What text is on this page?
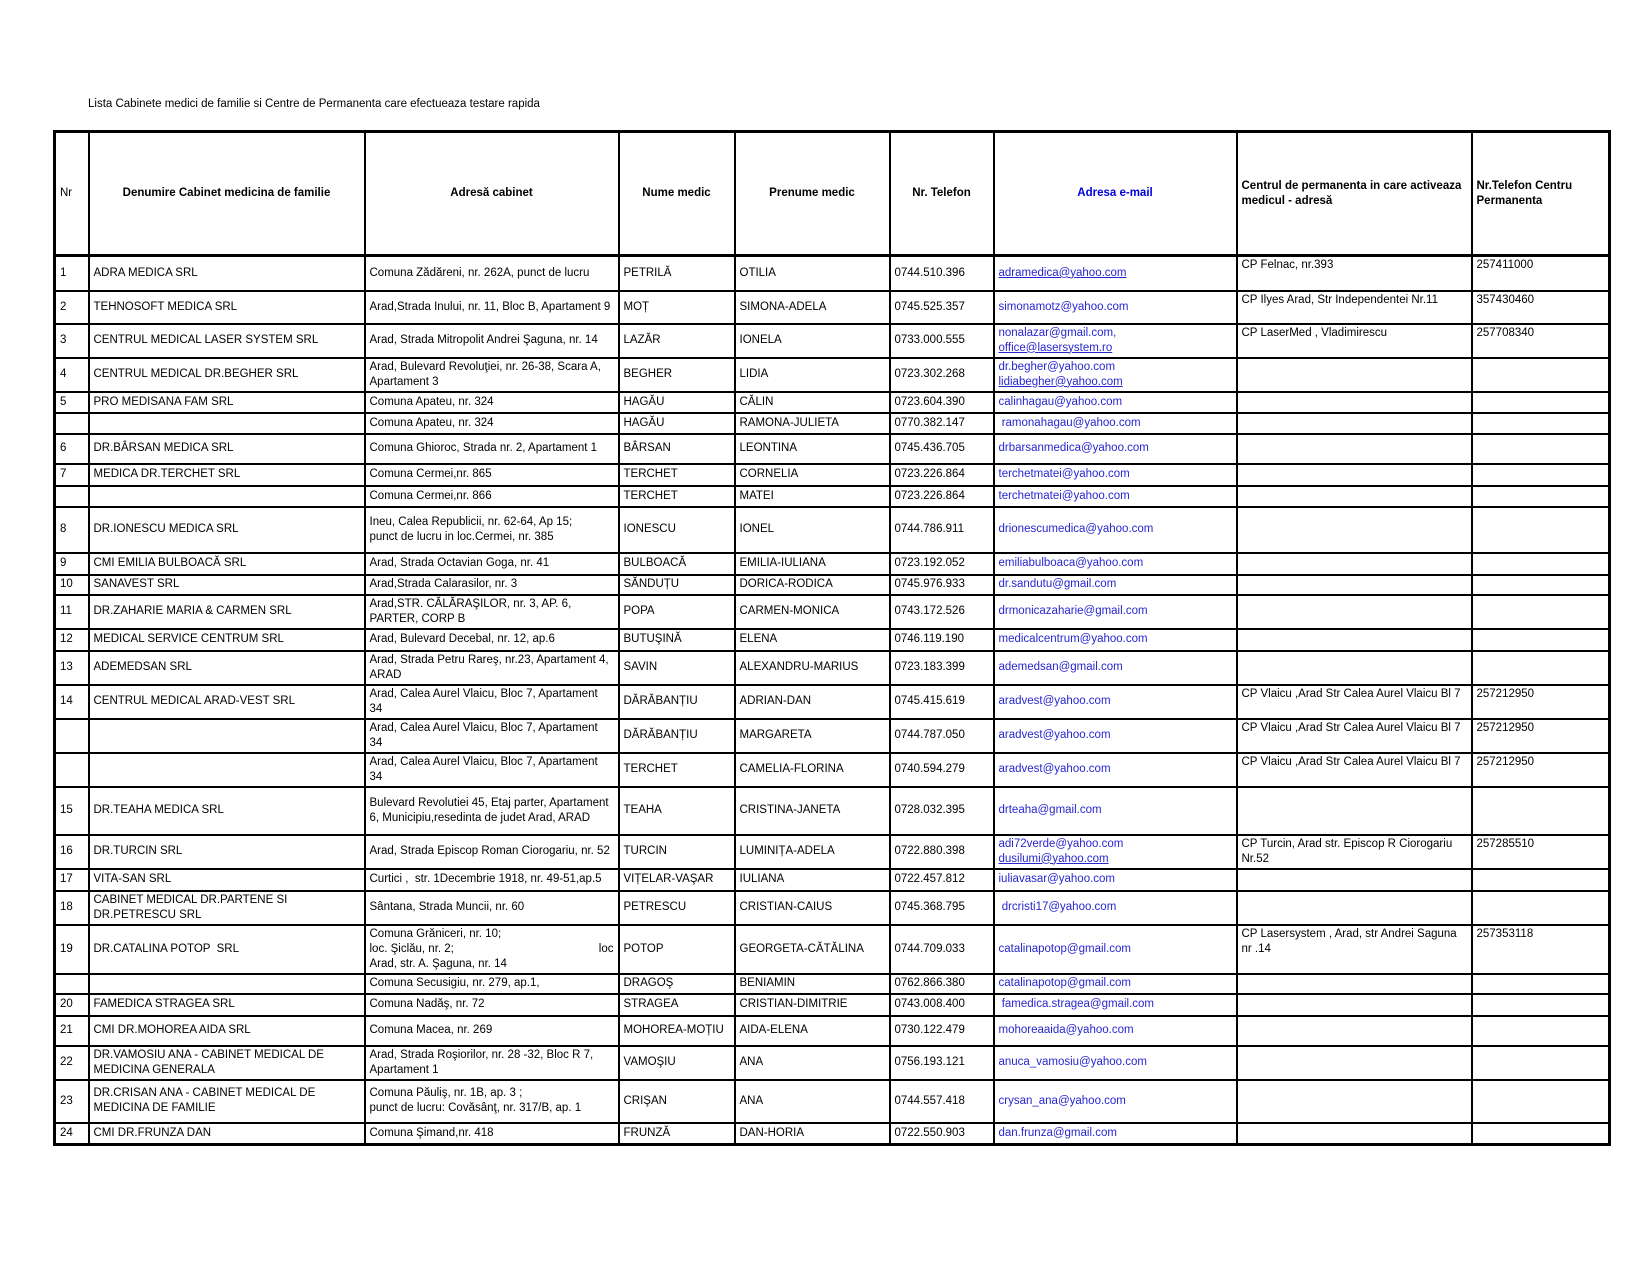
Lista Cabinete medici de familie si Centre de Permanenta care efectueaza testare rapida
Nr	Denumire Cabinet medicina de familie	Adresă cabinet	Nume medic	Prenume medic	Nr. Telefon	Adresa e-mail	Centrul de permanenta in care activeaza medicul - adresă	Nr.Telefon Centru Permanenta
1	ADRA MEDICA SRL	Comuna Zădăreni, nr. 262A, punct de lucru	PETRILĂ	OTILIA	0744.510.396	adramedica@yahoo.com	CP Felnac, nr.393	257411000
2	TEHNOSOFT MEDICA SRL	Arad,Strada Inului, nr. 11, Bloc B, Apartament 9	MOȚ	SIMONA-ADELA	0745.525.357	simonamotz@yahoo.com	CP Ilyes Arad, Str Independentei Nr.11	357430460
3	CENTRUL MEDICAL LASER SYSTEM SRL	Arad, Strada Mitropolit Andrei Şaguna, nr. 14	LAZĂR	IONELA	0733.000.555	nonalazar@gmail.com,
office@lasersystem.ro	CP LaserMed , Vladimirescu	257708340
4	CENTRUL MEDICAL DR.BEGHER SRL	Arad, Bulevard Revoluţiei, nr. 26-38, Scara A,
Apartament 3	BEGHER	LIDIA	0723.302.268	dr.begher@yahoo.com
lidiabegher@yahoo.com		

5	PRO MEDISANA FAM SRL	Comuna Apateu, nr. 324	HAGĂU	CĂLIN	0723.604.390	calinhagau@yahoo.com		

		Comuna Apateu, nr. 324	HAGĂU	RAMONA-JULIETA	0770.382.147	ramonahagau@yahoo.com		

6	DR.BÂRSAN MEDICA SRL	Comuna Ghioroc, Strada nr. 2, Apartament 1	BÂRSAN	LEONTINA	0745.436.705	drbarsanmedica@yahoo.com		

7	MEDICA DR.TERCHET SRL	Comuna Cermei,nr. 865	TERCHET	CORNELIA	0723.226.864	terchetmatei@yahoo.com		

		Comuna Cermei,nr. 866	TERCHET	MATEI	0723.226.864	terchetmatei@yahoo.com		

8	DR.IONESCU MEDICA SRL	Ineu, Calea Republicii, nr. 62-64, Ap 15;
punct de lucru in loc.Cermei, nr. 385	IONESCU	IONEL	0744.786.911	drionescumedica@yahoo.com		

9	CMI EMILIA BULBOACĂ SRL	Arad, Strada Octavian Goga, nr. 41	BULBOACĂ	EMILIA-IULIANA	0723.192.052	emiliabulboaca@yahoo.com		

10	SANAVEST SRL	Arad,Strada Calarasilor, nr. 3	SĂNDUȚU	DORICA-RODICA	0745.976.933	dr.sandutu@gmail.com		

11	DR.ZAHARIE MARIA & CARMEN SRL	Arad,STR. CĂLĂRAŞILOR, nr. 3, AP. 6,
PARTER, CORP B	POPA	CARMEN-MONICA	0743.172.526	drmonicazaharie@gmail.com		

12	MEDICAL SERVICE CENTRUM SRL	Arad, Bulevard Decebal, nr. 12, ap.6	BUTUŞINĂ	ELENA	0746.119.190	medicalcentrum@yahoo.com		

13	ADEMEDSAN SRL	Arad, Strada Petru Rareş, nr.23, Apartament 4,
ARAD	SAVIN	ALEXANDRU-MARIUS	0723.183.399	ademedsan@gmail.com		

14	CENTRUL MEDICAL ARAD-VEST SRL	Arad, Calea Aurel Vlaicu, Bloc 7, Apartament 34	DĂRĂBANȚIU	ADRIAN-DAN	0745.415.619	aradvest@yahoo.com	CP Vlaicu ,Arad Str Calea Aurel Vlaicu Bl 7	257212950

		Arad, Calea Aurel Vlaicu, Bloc 7, Apartament 34	DĂRĂBANȚIU	MARGARETA	0744.787.050	aradvest@yahoo.com	CP Vlaicu ,Arad Str Calea Aurel Vlaicu Bl 7	257212950

		Arad, Calea Aurel Vlaicu, Bloc 7, Apartament 34	TERCHET	CAMELIA-FLORINA	0740.594.279	aradvest@yahoo.com	CP Vlaicu ,Arad Str Calea Aurel Vlaicu Bl 7	257212950
15	DR.TEAHA MEDICA SRL	Bulevard Revolutiei 45, Etaj parter, Apartament
6, Municipiu,resedinta de judet Arad, ARAD	TEAHA	CRISTINA-JANETA	0728.032.395	drteaha@gmail.com		

16	DR.TURCIN SRL	Arad, Strada Episcop Roman Ciorogariu, nr. 52	TURCIN	LUMINIȚA-ADELA	0722.880.398	adi72verde@yahoo.com
dusilumi@yahoo.com	CP Turcin, Arad str. Episcop R Ciorogariu
Nr.52	257285510
17	VITA-SAN SRL	Curtici ,  str. 1Decembrie 1918, nr. 49-51,ap.5	VIȚELAR-VAŞAR	IULIANA	0722.457.812	iuliavasar@yahoo.com		

18	CABINET MEDICAL DR.PARTENE SI
DR.PETRESCU SRL	Sântana, Strada Muncii, nr. 60	PETRESCU	CRISTIAN-CAIUS	0745.368.795	drcristi17@yahoo.com		

19	DR.CATALINA POTOP  SRL	Comuna Grăniceri, nr. 10;
loc. Şiclău, nr. 2; loc
Arad, str. A. Şaguna, nr. 14	POTOP	GEORGETA-CĂTĂLINA	0744.709.033	catalinapotop@gmail.com	CP Lasersystem , Arad, str Andrei Saguna
nr .14	257353118

		Comuna Secusigiu, nr. 279, ap.1,	DRAGOŞ	BENIAMIN	0762.866.380	catalinapotop@gmail.com		

20	FAMEDICA STRAGEA SRL	Comuna Nadăş, nr. 72	STRAGEA	CRISTIAN-DIMITRIE	0743.008.400	famedica.stragea@gmail.com		

21	CMI DR.MOHOREA AIDA SRL	Comuna Macea, nr. 269	MOHOREA-MOȚIU	AIDA-ELENA	0730.122.479	mohoreaaida@yahoo.com		

22	DR.VAMOSIU ANA - CABINET MEDICAL DE
MEDICINA GENERALA	Arad, Strada Roşiorilor, nr. 28 -32, Bloc R 7,
Apartament 1	VAMOŞIU	ANA	0756.193.121	anuca_vamosiu@yahoo.com		

23	DR.CRISAN ANA - CABINET MEDICAL DE
MEDICINA DE FAMILIE	Comuna Păuliş, nr. 1B, ap. 3 ;
punct de lucru: Covăsânţ, nr. 317/B, ap. 1	CRIŞAN	ANA	0744.557.418	crysan_ana@yahoo.com		

24	CMI DR.FRUNZA DAN	Comuna Şimand,nr. 418	FRUNZĂ	DAN-HORIA	0722.550.903	dan.frunza@gmail.com		
